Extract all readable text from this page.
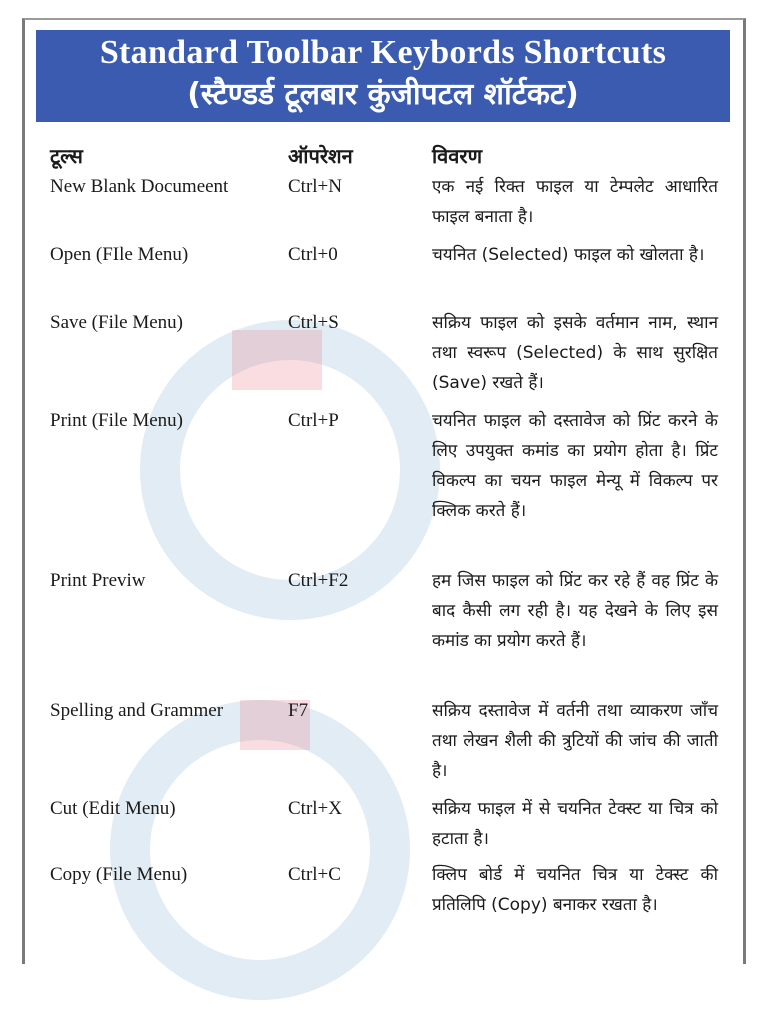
Standard Toolbar Keybords Shortcuts
(स्टैण्डर्ड टूलबार कुंजीपटल शॉर्टकट)
टूल्स	ऑपरेशन	विवरण
New Blank Documeent	Ctrl+N	एक नई रिक्त फाइल या टेम्पलेट आधारित फाइल बनाता है।
Open (FIle Menu)	Ctrl+0	चयनित (Selected) फाइल को खोलता है।
Save (File Menu)	Ctrl+S	सक्रिय फाइल को इसके वर्तमान नाम, स्थान तथा स्वरूप (Selected) के साथ सुरक्षित (Save) रखते हैं।
Print (File Menu)	Ctrl+P	चयनित फाइल को दस्तावेज को प्रिंट करने के लिए उपयुक्त कमांड का प्रयोग होता है। प्रिंट विकल्प का चयन फाइल मेन्यू में विकल्प पर क्लिक करते हैं।
Print Previw	Ctrl+F2	हम जिस फाइल को प्रिंट कर रहे हैं वह प्रिंट के बाद कैसी लग रही है। यह देखने के लिए इस कमांड का प्रयोग करते हैं।
Spelling and Grammer	F7	सक्रिय दस्तावेज में वर्तनी तथा व्याकरण जाँच तथा लेखन शैली की त्रुटियों की जांच की जाती है।
Cut (Edit Menu)	Ctrl+X	सक्रिय फाइल में से चयनित टेक्स्ट या चित्र को हटाता है।
Copy (File Menu)	Ctrl+C	क्लिप बोर्ड में चयनित चित्र या टेक्स्ट की प्रतिलिपि (Copy) बनाकर रखता है।
